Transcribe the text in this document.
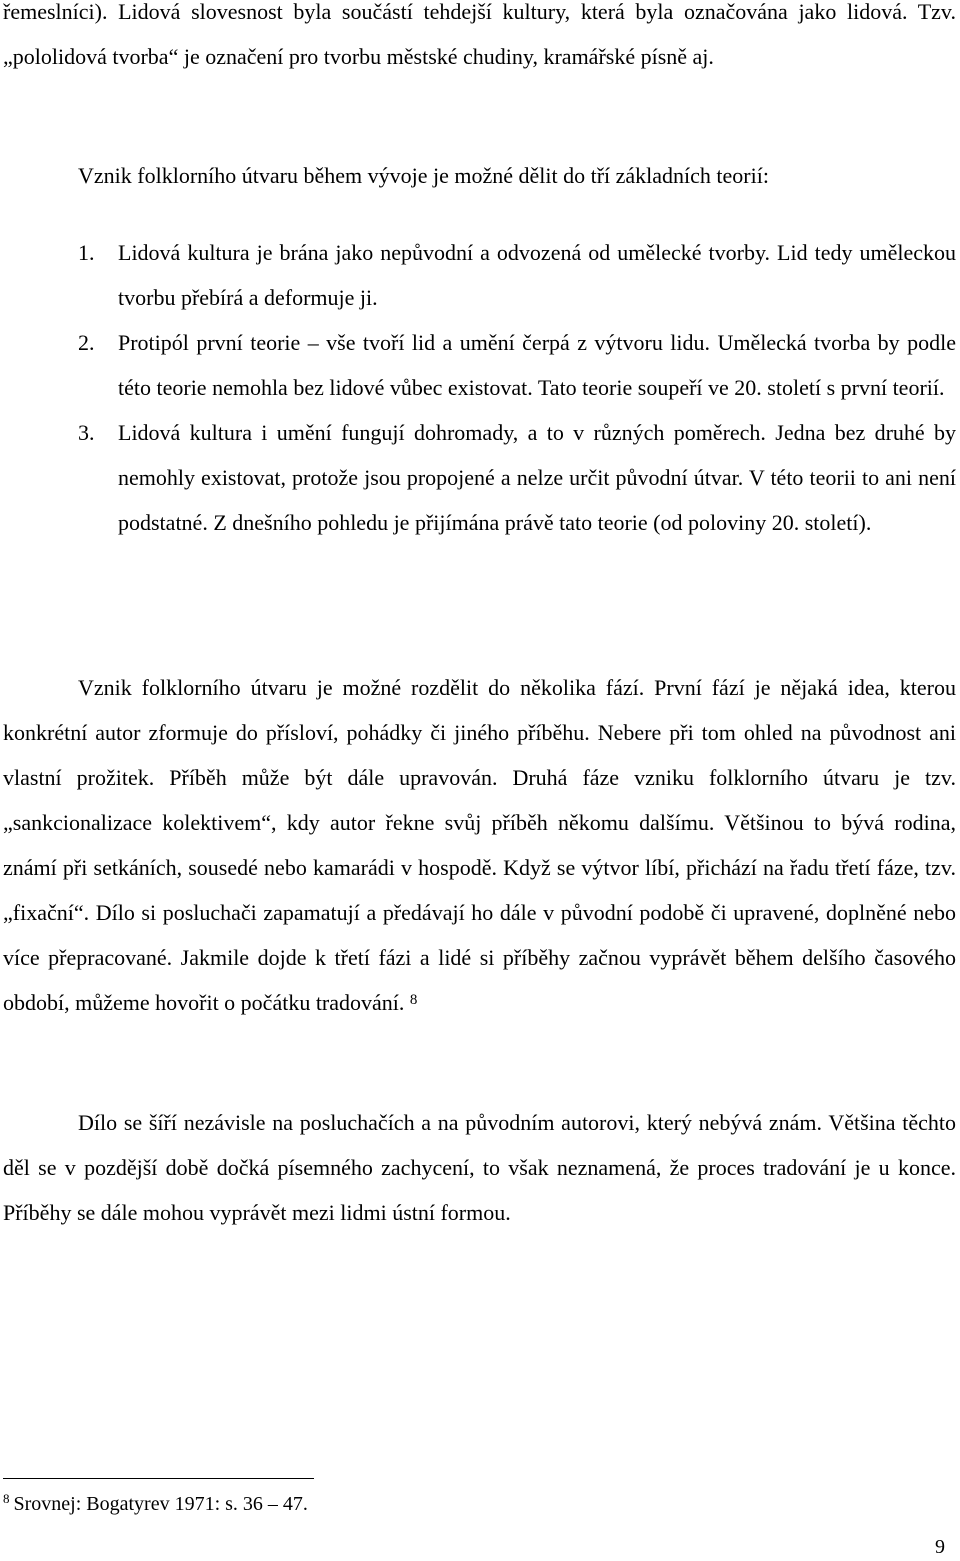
řemeslníci). Lidová slovesnost byla součástí tehdejší kultury, která byla označována jako lidová. Tzv. „pololidová tvorba“ je označení pro tvorbu městské chudiny, kramářské písně aj.

Vznik folklorního útvaru během vývoje je možné dělit do tří základních teorií:

1. Lidová kultura je brána jako nepůvodní a odvozená od umělecké tvorby. Lid tedy uměleckou tvorbu přebírá a deformuje ji.
2. Protipól první teorie – vše tvoří lid a umění čerpá z výtvoru lidu. Umělecká tvorba by podle této teorie nemohla bez lidové vůbec existovat. Tato teorie soupeří ve 20. století s první teorií.
3. Lidová kultura i umění fungují dohromady, a to v různých poměrech. Jedna bez druhé by nemohly existovat, protože jsou propojené a nelze určit původní útvar. V této teorii to ani není podstatné. Z dnešního pohledu je přijímána právě tato teorie (od poloviny 20. století).

Vznik folklorního útvaru je možné rozdělit do několika fází. První fází je nějaká idea, kterou konkrétní autor zformuje do přísloví, pohádky či jiného příběhu. Nebere při tom ohled na původnost ani vlastní prožitek. Příběh může být dále upravován. Druhá fáze vzniku folklorního útvaru je tzv. „sankcionalizace kolektivem“, kdy autor řekne svůj příběh někomu dalšímu. Většinou to bývá rodina, známí při setkáních, sousedé nebo kamarádi v hospodě. Když se výtvor líbí, přichází na řadu třetí fáze, tzv. „fixační“. Dílo si posluchači zapamatují a předávají ho dále v původní podobě či upravené, doplněné nebo více přepracované. Jakmile dojde k třetí fázi a lidé si příběhy začnou vyprávět během delšího časového období, můžeme hovořit o počátku tradování. $^8$

Dílo se šíří nezávisle na posluchačích a na původním autorovi, který nebývá znám. Většina těchto děl se v pozdější době dočká písemného zachycení, to však neznamená, že proces tradování je u konce. Příběhy se dále mohou vyprávět mezi lidmi ústní formou.

$^8$ Srovnej: Bogatyrev 1971: s. 36 – 47.

9
